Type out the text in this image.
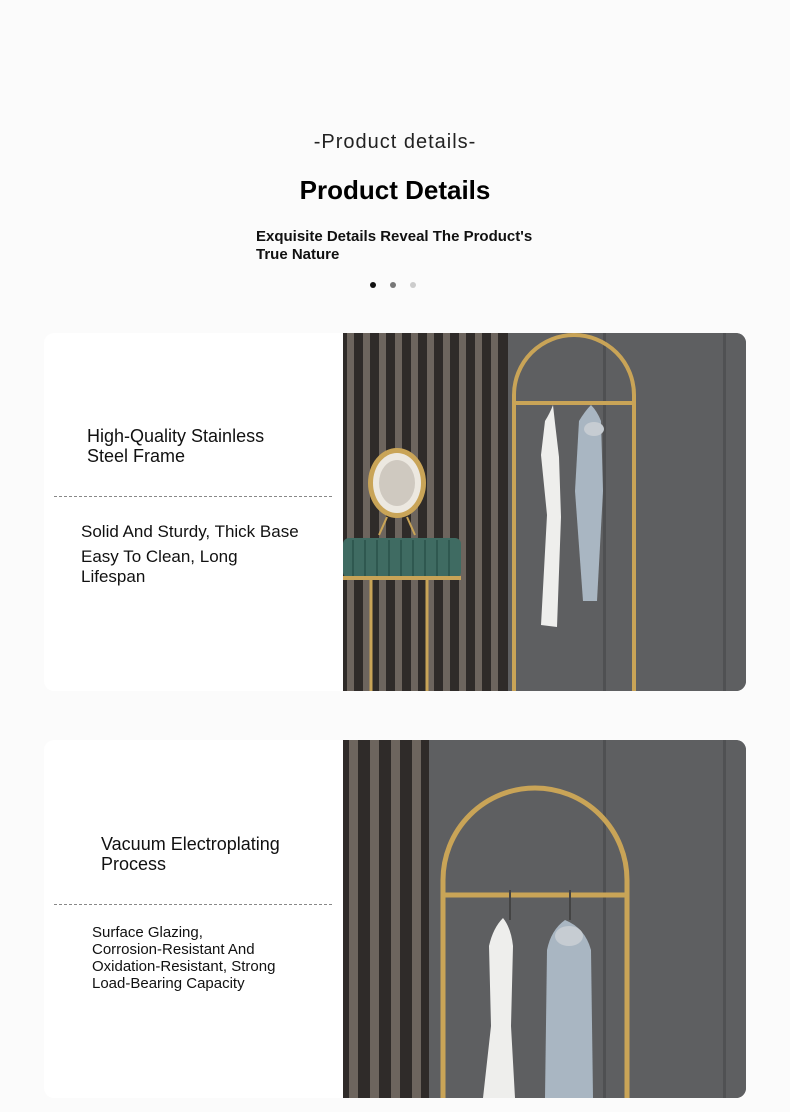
-Product details-
Product Details
Exquisite Details Reveal The Product's
True Nature
High-Quality Stainless
Steel Frame
Solid And Sturdy, Thick Base
Easy To Clean, Long
Lifespan
Vacuum Electroplating
Process
Surface Glazing,
Corrosion-Resistant And
Oxidation-Resistant, Strong
Load-Bearing Capacity
